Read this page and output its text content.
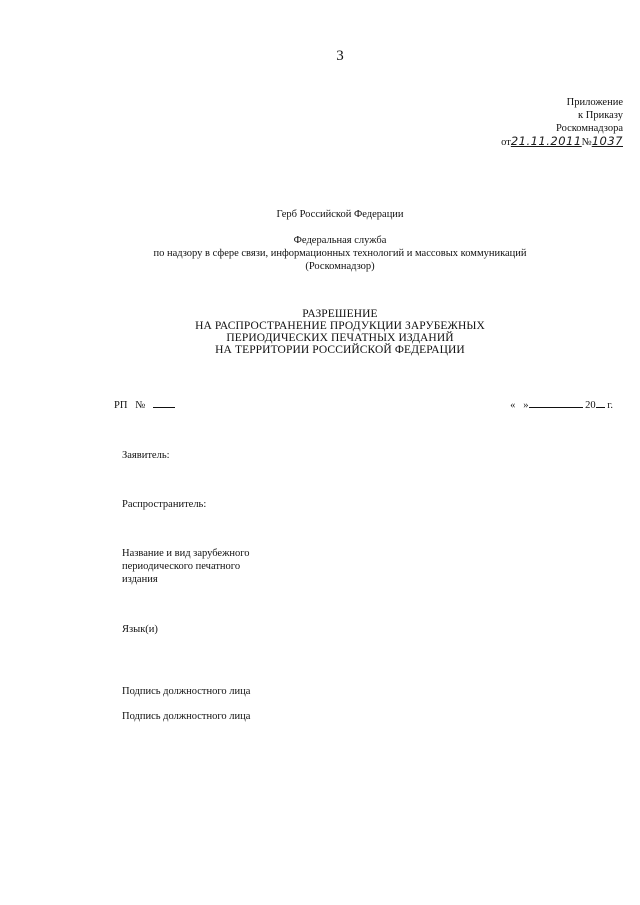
3
Приложение
к Приказу
Роскомнадзора
от21.11.2011№1037
Герб Российской Федерации
Федеральная служба
по надзору в сфере связи, информационных технологий и массовых коммуникаций
(Роскомнадзор)
РАЗРЕШЕНИЕ
НА РАСПРОСТРАНЕНИЕ ПРОДУКЦИИ ЗАРУБЕЖНЫХ
ПЕРИОДИЧЕСКИХ ПЕЧАТНЫХ ИЗДАНИЙ
НА ТЕРРИТОРИИ РОССИЙСКОЙ ФЕДЕРАЦИИ
РП №	« »	20 г.
Заявитель:
Распространитель:
Название и вид зарубежного
периодического печатного
издания
Язык(и)
Подпись должностного лица
Подпись должностного лица
